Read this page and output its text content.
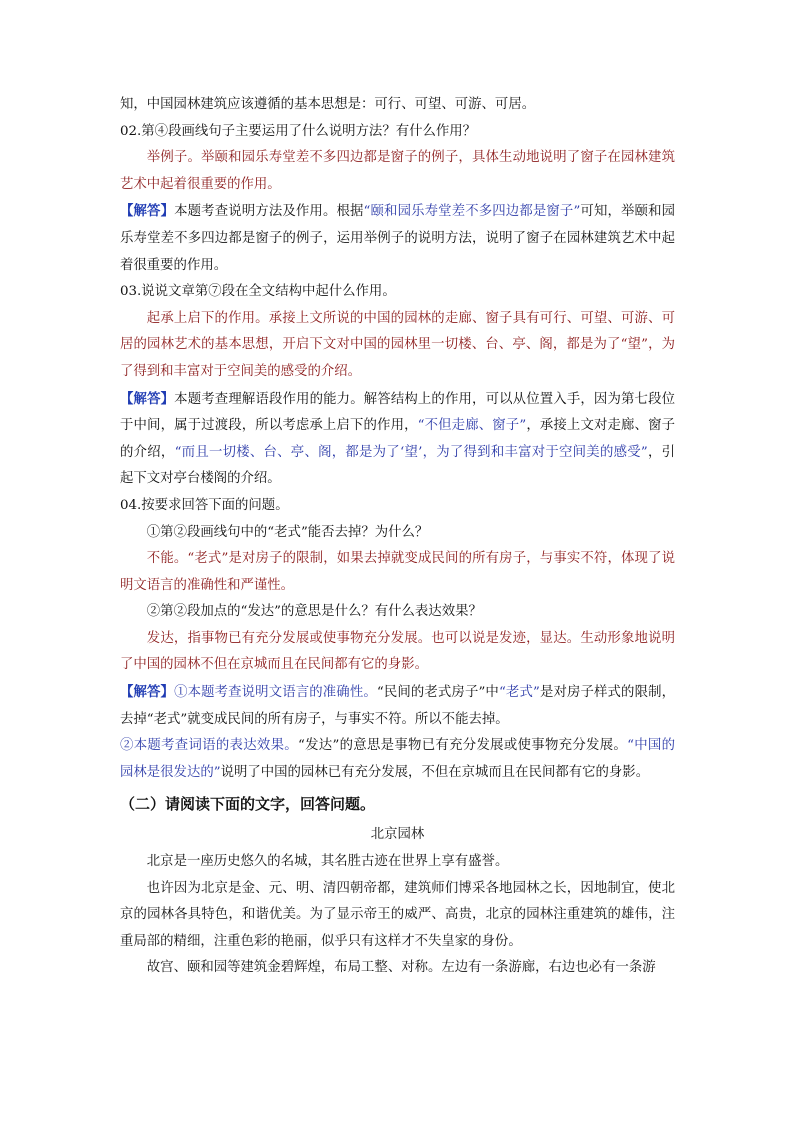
知，中国园林建筑应该遵循的基本思想是：可行、可望、可游、可居。

02.第④段画线句子主要运用了什么说明方法？有什么作用？

举例子。举颐和园乐寿堂差不多四边都是窗子的例子，具体生动地说明了窗子在园林建筑艺术中起着很重要的作用。

【解答】本题考查说明方法及作用。根据“颐和园乐寿堂差不多四边都是窗子”可知，举颐和园乐寿堂差不多四边都是窗子的例子，运用举例子的说明方法，说明了窗子在园林建筑艺术中起着很重要的作用。

03.说说文章第⑦段在全文结构中起什么作用。

起承上启下的作用。承接上文所说的中国的园林的走廊、窗子具有可行、可望、可游、可居的园林艺术的基本思想，开启下文对中国的园林里一切楼、台、亭、阁，都是为了“望”，为了得到和丰富对于空间美的感受的介绍。

【解答】本题考查理解语段作用的能力。解答结构上的作用，可以从位置入手，因为第七段位于中间，属于过渡段，所以考虑承上启下的作用，“不但走廊、窗子”，承接上文对走廊、窗子的介绍，“而且一切楼、台、亭、阁，都是为了‘望’，为了得到和丰富对于空间美的感受”，引起下文对亭台楼阁的介绍。

04.按要求回答下面的问题。

①第②段画线句中的“老式”能否去掉？为什么？

不能。“老式”是对房子的限制，如果去掉就变成民间的所有房子，与事实不符，体现了说明文语言的准确性和严谨性。

②第②段加点的“发达”的意思是什么？有什么表达效果？

发达，指事物已有充分发展或使事物充分发展。也可以说是发迹，显达。生动形象地说明了中国的园林不但在京城而且在民间都有它的身影。

【解答】①本题考查说明文语言的准确性。“民间的老式房子”中“老式”是对房子样式的限制，去掉“老式”就变成民间的所有房子，与事实不符。所以不能去掉。

②本题考查词语的表达效果。“发达”的意思是事物已有充分发展或使事物充分发展。“中国的园林是很发达的”说明了中国的园林已有充分发展，不但在京城而且在民间都有它的身影。

（二）请阅读下面的文字，回答问题。

北京园林

北京是一座历史悠久的名城，其名胜古迹在世界上享有盛誉。

也许因为北京是金、元、明、清四朝帝都，建筑师们博采各地园林之长，因地制宜，使北京的园林各具特色，和谐优美。为了显示帝王的威严、高贵，北京的园林注重建筑的雄伟，注重局部的精细，注重色彩的艳丽，似乎只有这样才不失皇家的身份。

故宫、颐和园等建筑金碧辉煌，布局工整、对称。左边有一条游廊，右边也必有一条游
